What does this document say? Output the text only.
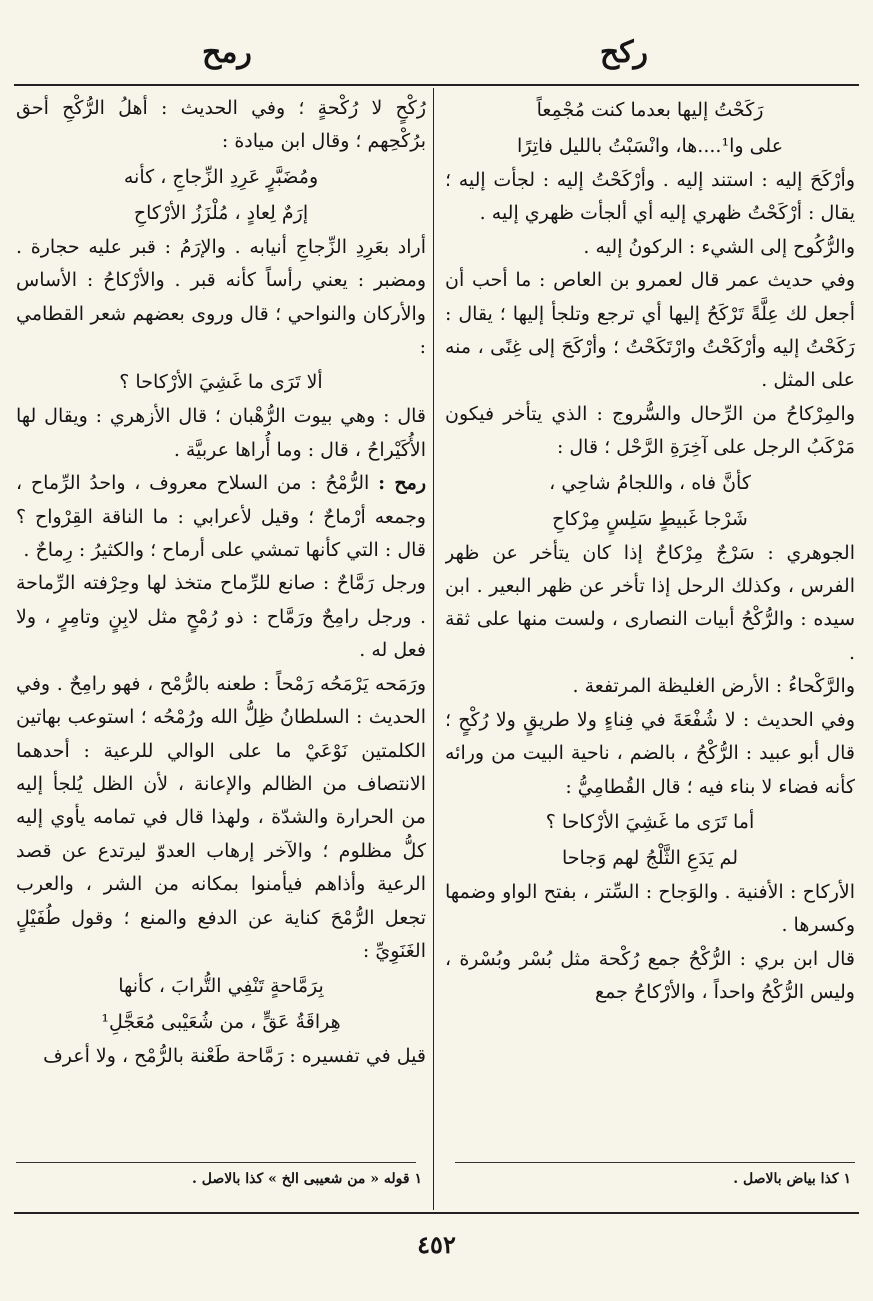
ركح
رمح

رَكَحْتُ إليها بعدما كنت مُجْمِعاً

على وا¹....ها، وانْسَبْتُ بالليل فاتِرًا

وأرْكَحَ إليه : استند إليه . وأرْكَحْتُ إليه : لجأت إليه ؛ يقال : أرْكَحْتُ ظهري إليه أي ألجأت ظهري إليه .

والرُّكُوح إلى الشيء : الركونُ إليه .

وفي حديث عمر قال لعمرو بن العاص : ما أحب أن أجعل لك عِلَّةً تَرْكَحُ إليها أي ترجع وتلجأ إليها ؛ يقال : رَكَحْتُ إليه وأرْكَحْتُ وارْتَكَحْتُ ؛ وأرْكَحَ إلى غِنًى ، منه على المثل .

والمِرْكاحُ من الرِّحال والسُّروج : الذي يتأخر فيكون مَرْكَبُ الرجل على آخِرَةِ الرَّحْل ؛ قال :

كأنَّ فاه ، واللجامُ شاحِي ،

شَرْجا غَبيطٍ سَلِسٍ مِرْكاحِ

الجوهري : سَرْجٌ مِرْكاحٌ إذا كان يتأخر عن ظهر الفرس ، وكذلك الرحل إذا تأخر عن ظهر البعير . ابن سيده : والرُّكْحُ أبيات النصارى ، ولست منها على ثقة .

والرَّكْحاءُ : الأرض الغليظة المرتفعة .

وفي الحديث : لا شُفْعَةَ في فِناءٍ ولا طريقٍ ولا رُكْحٍ ؛ قال أبو عبيد : الرُّكْحُ ، بالضم ، ناحية البيت من ورائه كأنه فضاء لا بناء فيه ؛ قال القُطامِيُّ :

أما تَرَى ما غَشِيَ الأرْكاحا ؟

لم يَدَعِ الثَّلْجُ لهم وَجاحا

الأركاح : الأفنية . والوَجاح : السِّتر ، بفتح الواو وضمها وكسرها .

قال ابن بري : الرُّكْحُ جمع رُكْحة مثل بُسْر وبُسْرة ، وليس الرُّكْحُ واحداً ، والأرْكاحُ جمع

رُكْحٍ لا رُكْحةٍ ؛ وفي الحديث : أهلُ الرُّكْحِ أحق برُكْحِهم ؛ وقال ابن ميادة :

ومُضَبَّرٍ عَرِدِ الزِّجاجِ ، كأنه

إرَمٌ لِعادٍ ، مُلْزَزُ الأرْكاحِ

أراد بعَرِدِ الزِّجاجِ أنيابه . والإرَمُ : قبر عليه حجارة . ومضبر : يعني رأساً كأنه قبر . والأرْكاحُ : الأساس والأركان والنواحي ؛ قال وروى بعضهم شعر القطامي :

ألا تَرَى ما غَشِيَ الأرْكاحا ؟

قال : وهي بيوت الرُّهْبان ؛ قال الأزهري : ويقال لها الأُكَيْراحُ ، قال : وما أُراها عربيَّة .

رمح : الرُّمْحُ : من السلاح معروف ، واحدُ الرِّماح ، وجمعه أرْماحٌ ؛ وقيل لأعرابي : ما الناقة القِرْواح ؟ قال : التي كأنها تمشي على أرماح ؛ والكثيرُ : رِماحٌ .

ورجل رَمَّاحٌ : صانع للرِّماح متخذ لها وحِرْفته الرِّماحة . ورجل رامِحٌ ورَمَّاح : ذو رُمْحٍ مثل لابِنٍ وتامِرٍ ، ولا فعل له .

ورَمَحه يَرْمَحُه رَمْحاً : طعنه بالرُّمْح ، فهو رامِحٌ . وفي الحديث : السلطانُ ظِلُّ الله ورُمْحُه ؛ استوعب بهاتين الكلمتين نَوْعَيْ ما على الوالي للرعية : أحدهما الانتصاف من الظالم والإعانة ، لأن الظل يُلجأ إليه من الحرارة والشدّة ، ولهذا قال في تمامه يأوي إليه كلُّ مظلوم ؛ والآخر إرهاب العدوّ ليرتدع عن قصد الرعية وأذاهم فيأمنوا بمكانه من الشر ، والعرب تجعل الرُّمْحَ كناية عن الدفع والمنع ؛ وقول طُفَيْلٍ الغَنَوِيِّ :

بِرَمَّاحةٍ تَنْفِي التُّرابَ ، كأنها

هِراقَةُ عَقٍّ ، من شُعَيْبى مُعَجَّلِ¹

قيل في تفسيره : رَمَّاحة طَعْنة بالرُّمْح ، ولا أعرف

١ كذا بياض بالاصل .
١ قوله « من شعيبى الخ » كذا بالاصل .
٤٥٢
